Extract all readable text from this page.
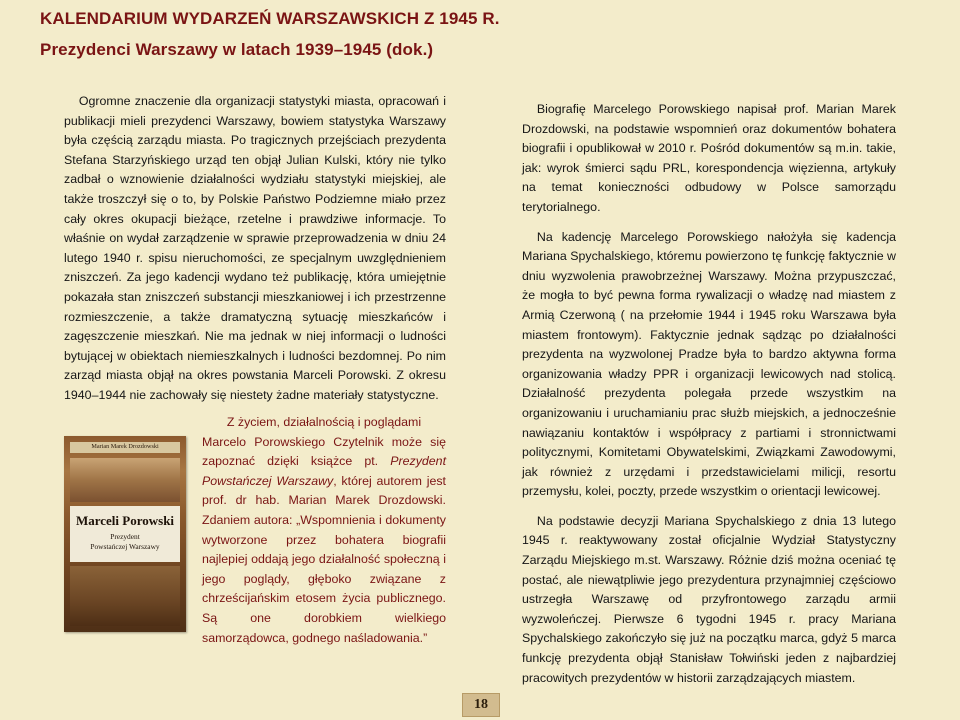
KALENDARIUM WYDARZEŃ WARSZAWSKICH Z 1945 R.
Prezydenci Warszawy w latach 1939–1945 (dok.)

Ogromne znaczenie dla organizacji statystyki miasta, opracowań i publikacji mieli prezydenci Warszawy, bowiem statystyka Warszawy była częścią zarządu miasta. Po tragicznych przejściach prezydenta Stefana Starzyńskiego urząd ten objął Julian Kulski, który nie tylko zadbał o wznowienie działalności wydziału statystyki miejskiej, ale także troszczył się o to, by Polskie Państwo Podziemne miało przez cały okres okupacji bieżące, rzetelne i prawdziwe informacje. To właśnie on wydał zarządzenie w sprawie przeprowadzenia w dniu 24 lutego 1940 r. spisu nieruchomości, ze specjalnym uwzględnieniem zniszczeń. Za jego kadencji wydano też publikację, która umiejętnie pokazała stan zniszczeń substancji mieszkaniowej i ich przestrzenne rozmieszczenie, a także dramatyczną sytuację mieszkańców i zagęszczenie mieszkań. Nie ma jednak w niej informacji o ludności bytującej w obiektach niemieszkalnych i ludności bezdomnej. Po nim zarząd miasta objął na okres powstania Marceli Porowski. Z okresu 1940–1944 nie zachowały się niestety żadne materiały statystyczne.

Marian Marek Drozdowski
Marceli Porowski
Prezydent
Powstańczej Warszawy

Z życiem, działalnością i poglądami
Marcelo Porowskiego Czytelnik może się zapoznać dzięki książce pt. Prezydent Powstańczej Warszawy, której autorem jest prof. dr hab. Marian Marek Drozdowski. Zdaniem autora: „Wspomnienia i dokumenty wytworzone przez bohatera biografii najlepiej oddają jego działalność społeczną i jego poglądy, głęboko związane z chrześcijańskim etosem życia publicznego. Są one dorobkiem wielkiego samorządowca, godnego naśladowania.”

Biografię Marcelego Porowskiego napisał prof. Marian Marek Drozdowski, na podstawie wspomnień oraz dokumentów bohatera biografii i opublikował w 2010 r. Pośród dokumentów są m.in. takie, jak: wyrok śmierci sądu PRL, korespondencja więzienna, artykuły na temat konieczności odbudowy w Polsce samorządu terytorialnego.

Na kadencję Marcelego Porowskiego nałożyła się kadencja Mariana Spychalskiego, któremu powierzono tę funkcję faktycznie w dniu wyzwolenia prawobrzeżnej Warszawy. Można przypuszczać, że mogła to być pewna forma rywalizacji o władzę nad miastem z Armią Czerwoną ( na przełomie 1944 i 1945 roku Warszawa była miastem frontowym). Faktycznie jednak sądząc po działalności prezydenta na wyzwolonej Pradze była to bardzo aktywna forma organizowania władzy PPR i organizacji lewicowych nad stolicą. Działalność prezydenta polegała przede wszystkim na organizowaniu i uruchamianiu prac służb miejskich, a jednocześnie nawiązaniu kontaktów i współpracy z partiami i stronnictwami politycznymi, Komitetami Obywatelskimi, Związkami Zawodowymi, jak również z urzędami i przedstawicielami milicji, resortu przemysłu, kolei, poczty, przede wszystkim o orientacji lewicowej.

Na podstawie decyzji Mariana Spychalskiego z dnia 13 lutego 1945 r. reaktywowany został oficjalnie Wydział Statystyczny Zarządu Miejskiego m.st. Warszawy. Różnie dziś można oceniać tę postać, ale niewątpliwie jego prezydentura przynajmniej częściowo ustrzegła Warszawę od przyfrontowego zarządu armii wyzwoleńczej. Pierwsze 6 tygodni 1945 r. pracy Mariana Spychalskiego zakończyło się już na początku marca, gdyż 5 marca funkcję prezydenta objął Stanisław Tołwiński jeden z najbardziej pracowitych prezydentów w historii zarządzających miastem.

18
